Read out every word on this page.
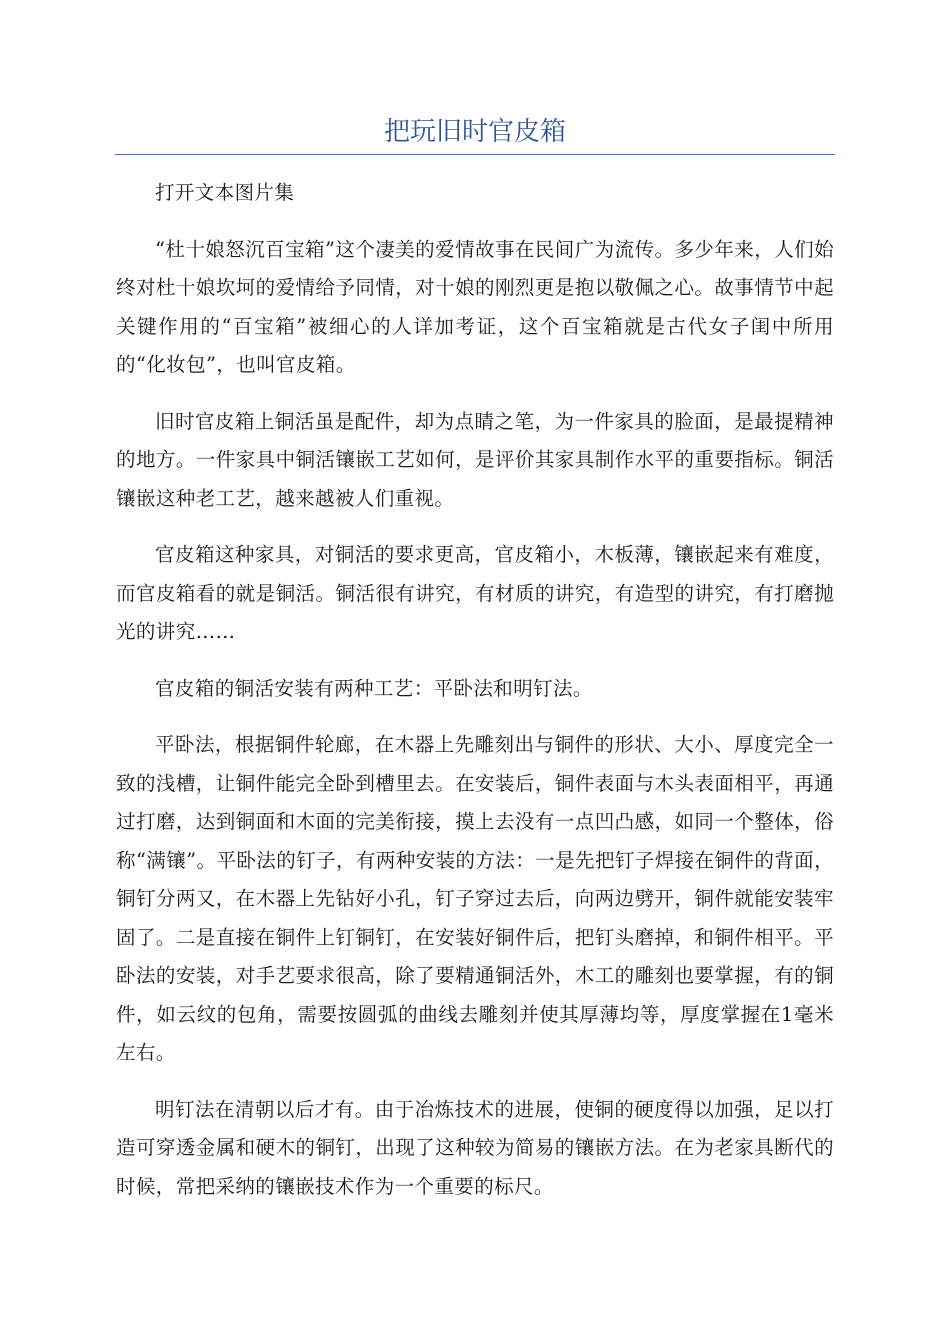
把玩旧时官皮箱

打开文本图片集

“杜十娘怒沉百宝箱”这个凄美的爱情故事在民间广为流传。多少年来，人们始终对杜十娘坎坷的爱情给予同情，对十娘的刚烈更是抱以敬佩之心。故事情节中起关键作用的“百宝箱”被细心的人详加考证，这个百宝箱就是古代女子闺中所用的“化妆包”，也叫官皮箱。

旧时官皮箱上铜活虽是配件，却为点睛之笔，为一件家具的脸面，是最提精神的地方。一件家具中铜活镶嵌工艺如何，是评价其家具制作水平的重要指标。铜活镶嵌这种老工艺，越来越被人们重视。

官皮箱这种家具，对铜活的要求更高，官皮箱小，木板薄，镶嵌起来有难度，而官皮箱看的就是铜活。铜活很有讲究，有材质的讲究，有造型的讲究，有打磨抛光的讲究……

官皮箱的铜活安装有两种工艺：平卧法和明钉法。

平卧法，根据铜件轮廊，在木器上先雕刻出与铜件的形状、大小、厚度完全一致的浅槽，让铜件能完全卧到槽里去。在安装后，铜件表面与木头表面相平，再通过打磨，达到铜面和木面的完美衔接，摸上去没有一点凹凸感，如同一个整体，俗称“满镶”。平卧法的钉子，有两种安装的方法：一是先把钉子焊接在铜件的背面，铜钉分两又，在木器上先钻好小孔，钉子穿过去后，向两边劈开，铜件就能安装牢固了。二是直接在铜件上钉铜钉，在安装好铜件后，把钉头磨掉，和铜件相平。平卧法的安装，对手艺要求很高，除了要精通铜活外，木工的雕刻也要掌握，有的铜件，如云纹的包角，需要按圆弧的曲线去雕刻并使其厚薄均等，厚度掌握在1毫米左右。

明钉法在清朝以后才有。由于冶炼技术的进展，使铜的硬度得以加强，足以打造可穿透金属和硬木的铜钉，出现了这种较为简易的镶嵌方法。在为老家具断代的时候，常把采纳的镶嵌技术作为一个重要的标尺。
